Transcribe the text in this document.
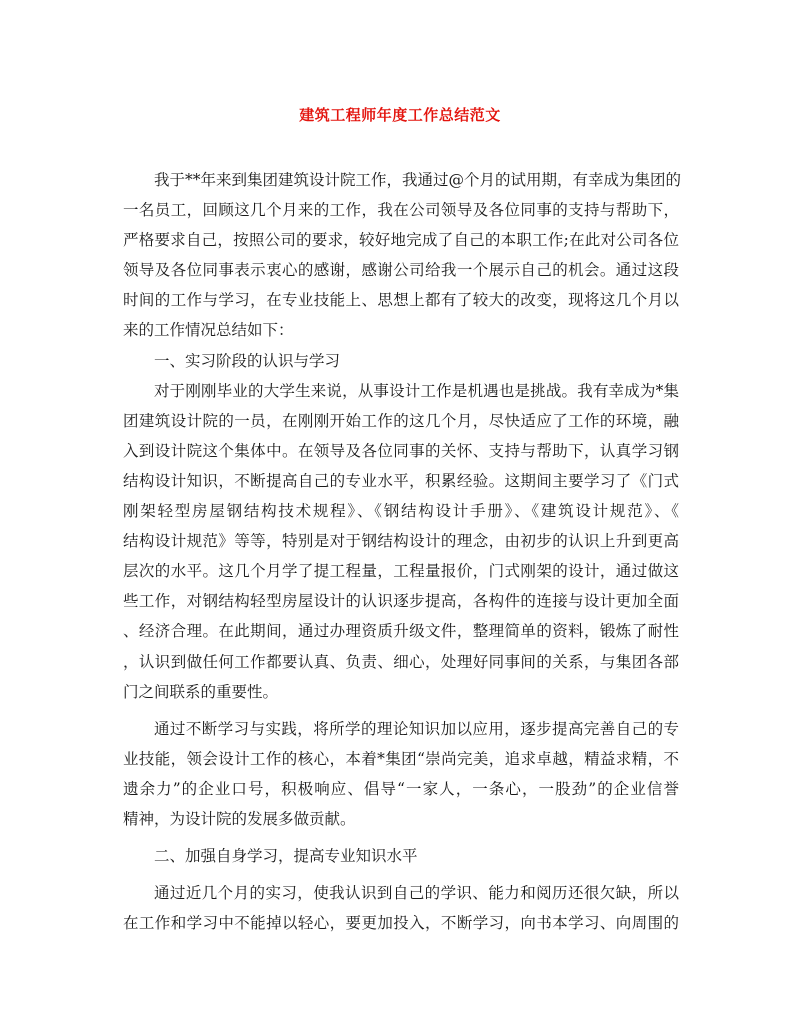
建筑工程师年度工作总结范文
我于**年来到集团建筑设计院工作，我通过@个月的试用期，有幸成为集团的
一名员工，回顾这几个月来的工作，我在公司领导及各位同事的支持与帮助下，
严格要求自己，按照公司的要求，较好地完成了自己的本职工作;在此对公司各位
领导及各位同事表示衷心的感谢，感谢公司给我一个展示自己的机会。通过这段
时间的工作与学习，在专业技能上、思想上都有了较大的改变，现将这几个月以
来的工作情况总结如下：
一、实习阶段的认识与学习
对于刚刚毕业的大学生来说，从事设计工作是机遇也是挑战。我有幸成为*集
团建筑设计院的一员，在刚刚开始工作的这几个月，尽快适应了工作的环境，融
入到设计院这个集体中。在领导及各位同事的关怀、支持与帮助下，认真学习钢
结构设计知识，不断提高自己的专业水平，积累经验。这期间主要学习了《门式
刚架轻型房屋钢结构技术规程》、《钢结构设计手册》、《建筑设计规范》、《
结构设计规范》等等，特别是对于钢结构设计的理念，由初步的认识上升到更高
层次的水平。这几个月学了提工程量，工程量报价，门式刚架的设计，通过做这
些工作，对钢结构轻型房屋设计的认识逐步提高，各构件的连接与设计更加全面
、经济合理。在此期间，通过办理资质升级文件，整理简单的资料，锻炼了耐性
，认识到做任何工作都要认真、负责、细心，处理好同事间的关系，与集团各部
门之间联系的重要性。
通过不断学习与实践，将所学的理论知识加以应用，逐步提高完善自己的专
业技能，领会设计工作的核心，本着*集团“崇尚完美，追求卓越，精益求精，不
遗余力”的企业口号，积极响应、倡导“一家人，一条心，一股劲”的企业信誉
精神，为设计院的发展多做贡献。
二、加强自身学习，提高专业知识水平
通过近几个月的实习，使我认识到自己的学识、能力和阅历还很欠缺，所以
在工作和学习中不能掉以轻心，要更加投入，不断学习，向书本学习、向周围的
